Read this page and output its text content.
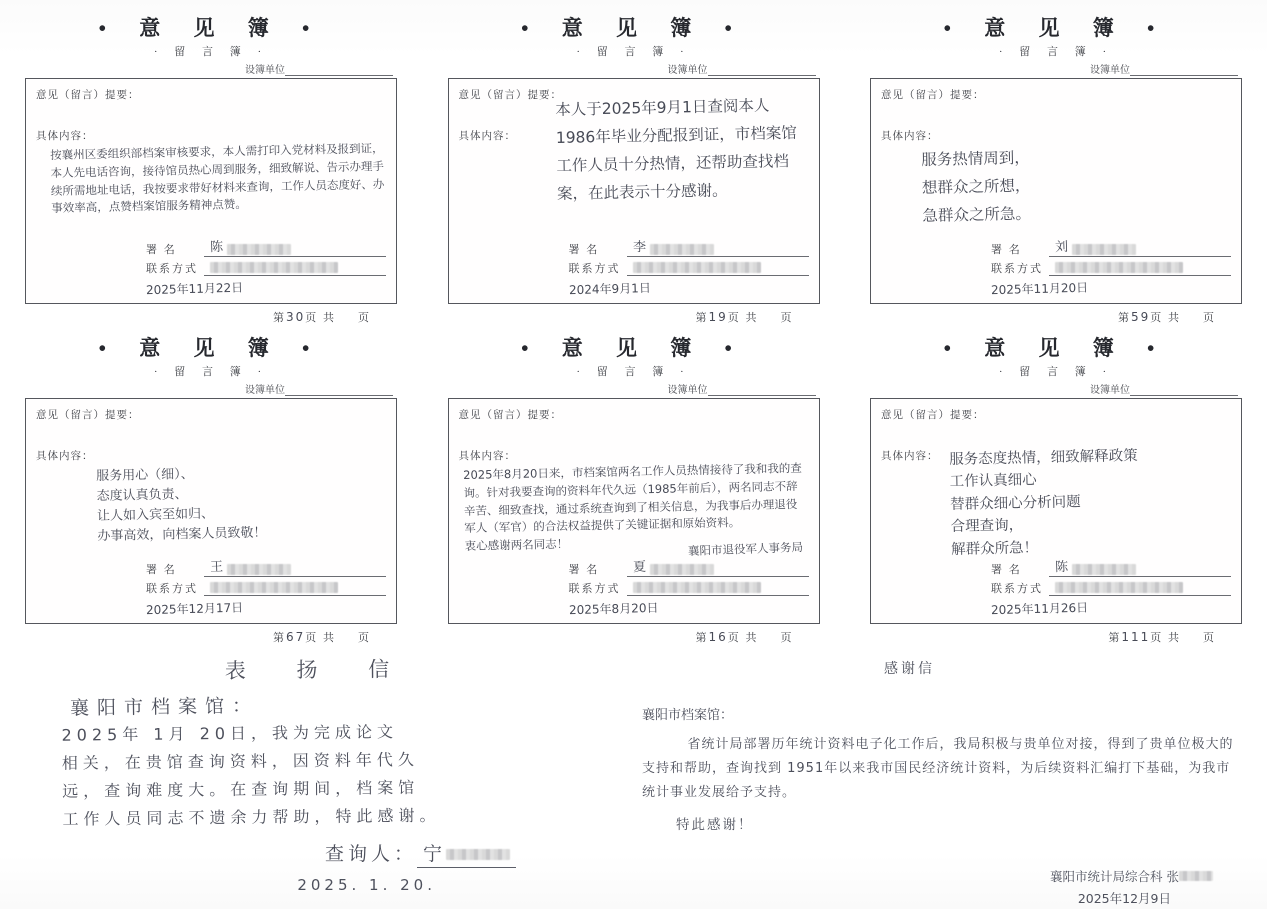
• 意 见 簿 •
· 留 言 簿 ·
设簿单位
意见（留言）提要：
具体内容：
按襄州区委组织部档案审核要求，本人需打印入党材料及报到证，本人先电话咨询，接待馆员热心周到服务，细致解说、告示办理手续所需地址电话，我按要求带好材料来查询，工作人员态度好、办事效率高，点赞档案馆服务精神点赞。
署 名	陈
联系方式
2025年11月22日
第30页 共 页
• 意 见 簿 •
· 留 言 簿 ·
设簿单位
意见（留言）提要：
具体内容：
本人于2025年9月1日查阅本人1986年毕业分配报到证，市档案馆工作人员十分热情，还帮助查找档案，在此表示十分感谢。
署 名	李
联系方式
2024年9月1日
第19页 共 页
• 意 见 簿 •
· 留 言 簿 ·
设簿单位
意见（留言）提要：
具体内容：
服务热情周到，
想群众之所想，
急群众之所急。
署 名	刘
联系方式
2025年11月20日
第59页 共 页
• 意 见 簿 •
· 留 言 簿 ·
设簿单位
意见（留言）提要：
具体内容：
服务用心（细）、
态度认真负责、
让人如入宾至如归、
办事高效，向档案人员致敬！
署 名	王
联系方式
2025年12月17日
第67页 共 页
• 意 见 簿 •
· 留 言 簿 ·
设簿单位
意见（留言）提要：
具体内容：
2025年8月20日来，市档案馆两名工作人员热情接待了我和我的查询。针对我要查询的资料年代久远（1985年前后），两名同志不辞辛苦、细致查找，通过系统查询到了相关信息，为我事后办理退役军人（军官）的合法权益提供了关键证据和原始资料。
衷心感谢两名同志！	襄阳市退役军人事务局
署 名	夏
联系方式
2025年8月20日
第16页 共 页
• 意 见 簿 •
· 留 言 簿 ·
设簿单位
意见（留言）提要：
具体内容： 服务态度热情，细致解释政策
工作认真细心
替群众细心分析问题
合理查询，
解群众所急！
署 名	陈
联系方式
2025年11月26日
第111页 共 页
表 扬 信
襄阳市档案馆：
2025年 1月 20日，我为完成论文
相关，在贵馆查询资料，因资料年代久
远，查询难度大。在查询期间，档案馆
工作人员同志不遗余力帮助，特此感谢。
查询人： 宁
2025. 1. 20.
感谢信
襄阳市档案馆：
省统计局部署历年统计资料电子化工作后，我局积极与贵单位对接，得到了贵单位极大的支持和帮助，查询找到 1951年以来我市国民经济统计资料，为后续资料汇编打下基础，为我市统计事业发展给予支持。
特此感谢！
襄阳市统计局综合科 张
2025年12月9日
